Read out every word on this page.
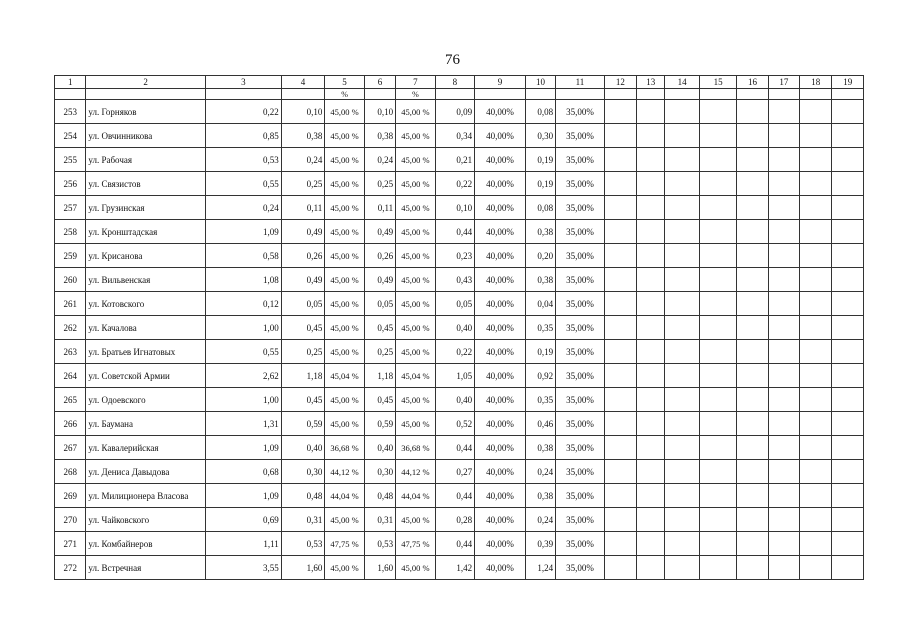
76
1	2	3	4	5	6	7	8	9	10	11	12	13	14	15	16	17	18	19
				%		%												
253	ул. Горняков	0,22	0,10	45,00 %	0,10	45,00 %	0,09	40,00%	0,08	35,00%								
254	ул. Овчинникова	0,85	0,38	45,00 %	0,38	45,00 %	0,34	40,00%	0,30	35,00%								
255	ул. Рабочая	0,53	0,24	45,00 %	0,24	45,00 %	0,21	40,00%	0,19	35,00%								
256	ул. Связистов	0,55	0,25	45,00 %	0,25	45,00 %	0,22	40,00%	0,19	35,00%								
257	ул. Грузинская	0,24	0,11	45,00 %	0,11	45,00 %	0,10	40,00%	0,08	35,00%								
258	ул. Кронштадская	1,09	0,49	45,00 %	0,49	45,00 %	0,44	40,00%	0,38	35,00%								
259	ул. Крисанова	0,58	0,26	45,00 %	0,26	45,00 %	0,23	40,00%	0,20	35,00%								
260	ул. Вильвенская	1,08	0,49	45,00 %	0,49	45,00 %	0,43	40,00%	0,38	35,00%								
261	ул. Котовского	0,12	0,05	45,00 %	0,05	45,00 %	0,05	40,00%	0,04	35,00%								
262	ул. Качалова	1,00	0,45	45,00 %	0,45	45,00 %	0,40	40,00%	0,35	35,00%								
263	ул. Братьев Игнатовых	0,55	0,25	45,00 %	0,25	45,00 %	0,22	40,00%	0,19	35,00%								
264	ул. Советской Армии	2,62	1,18	45,04 %	1,18	45,04 %	1,05	40,00%	0,92	35,00%								
265	ул. Одоевского	1,00	0,45	45,00 %	0,45	45,00 %	0,40	40,00%	0,35	35,00%								
266	ул. Баумана	1,31	0,59	45,00 %	0,59	45,00 %	0,52	40,00%	0,46	35,00%								
267	ул. Кавалерийская	1,09	0,40	36,68 %	0,40	36,68 %	0,44	40,00%	0,38	35,00%								
268	ул. Дениса Давыдова	0,68	0,30	44,12 %	0,30	44,12 %	0,27	40,00%	0,24	35,00%								
269	ул. Милиционера Власова	1,09	0,48	44,04 %	0,48	44,04 %	0,44	40,00%	0,38	35,00%								
270	ул. Чайковского	0,69	0,31	45,00 %	0,31	45,00 %	0,28	40,00%	0,24	35,00%								
271	ул. Комбайнеров	1,11	0,53	47,75 %	0,53	47,75 %	0,44	40,00%	0,39	35,00%								
272	ул. Встречная	3,55	1,60	45,00 %	1,60	45,00 %	1,42	40,00%	1,24	35,00%								
